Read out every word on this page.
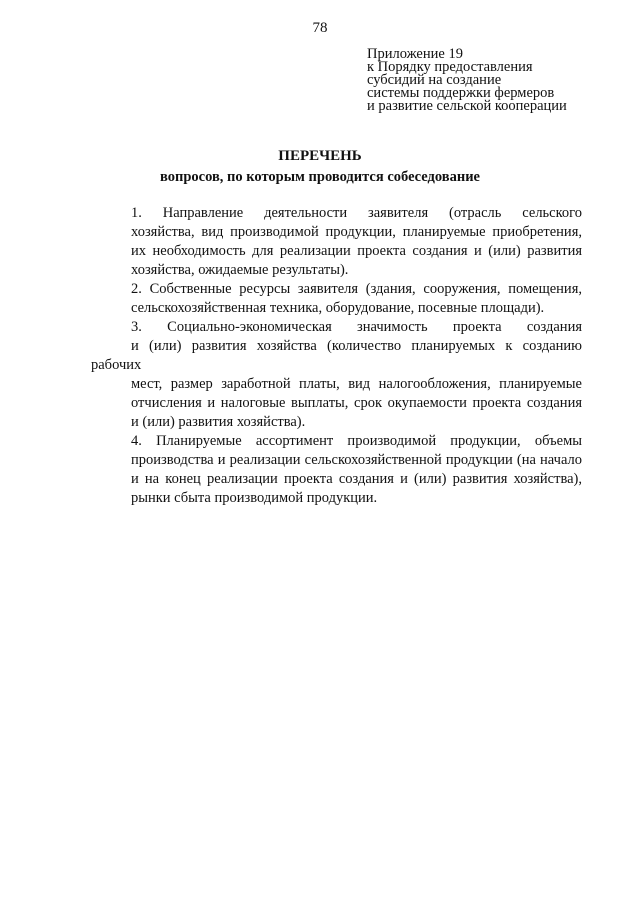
78
Приложение 19
к Порядку предоставления
субсидий на создание
системы поддержки фермеров
и развитие сельской кооперации
ПЕРЕЧЕНЬ
вопросов, по которым проводится собеседование
1. Направление деятельности заявителя (отрасль сельского
хозяйства, вид производимой продукции, планируемые приобретения,
их необходимость для реализации проекта создания и (или) развития
хозяйства, ожидаемые результаты).
2. Собственные ресурсы заявителя (здания, сооружения, помещения,
сельскохозяйственная техника, оборудование, посевные площади).
3. Социально-экономическая значимость проекта создания
и (или) развития хозяйства (количество планируемых к созданию рабочих
мест, размер заработной платы, вид налогообложения, планируемые
отчисления и налоговые выплаты, срок окупаемости проекта создания
и (или) развития хозяйства).
4. Планируемые ассортимент производимой продукции, объемы
производства и реализации сельскохозяйственной продукции (на начало
и на конец реализации проекта создания и (или) развития хозяйства),
рынки сбыта производимой продукции.
